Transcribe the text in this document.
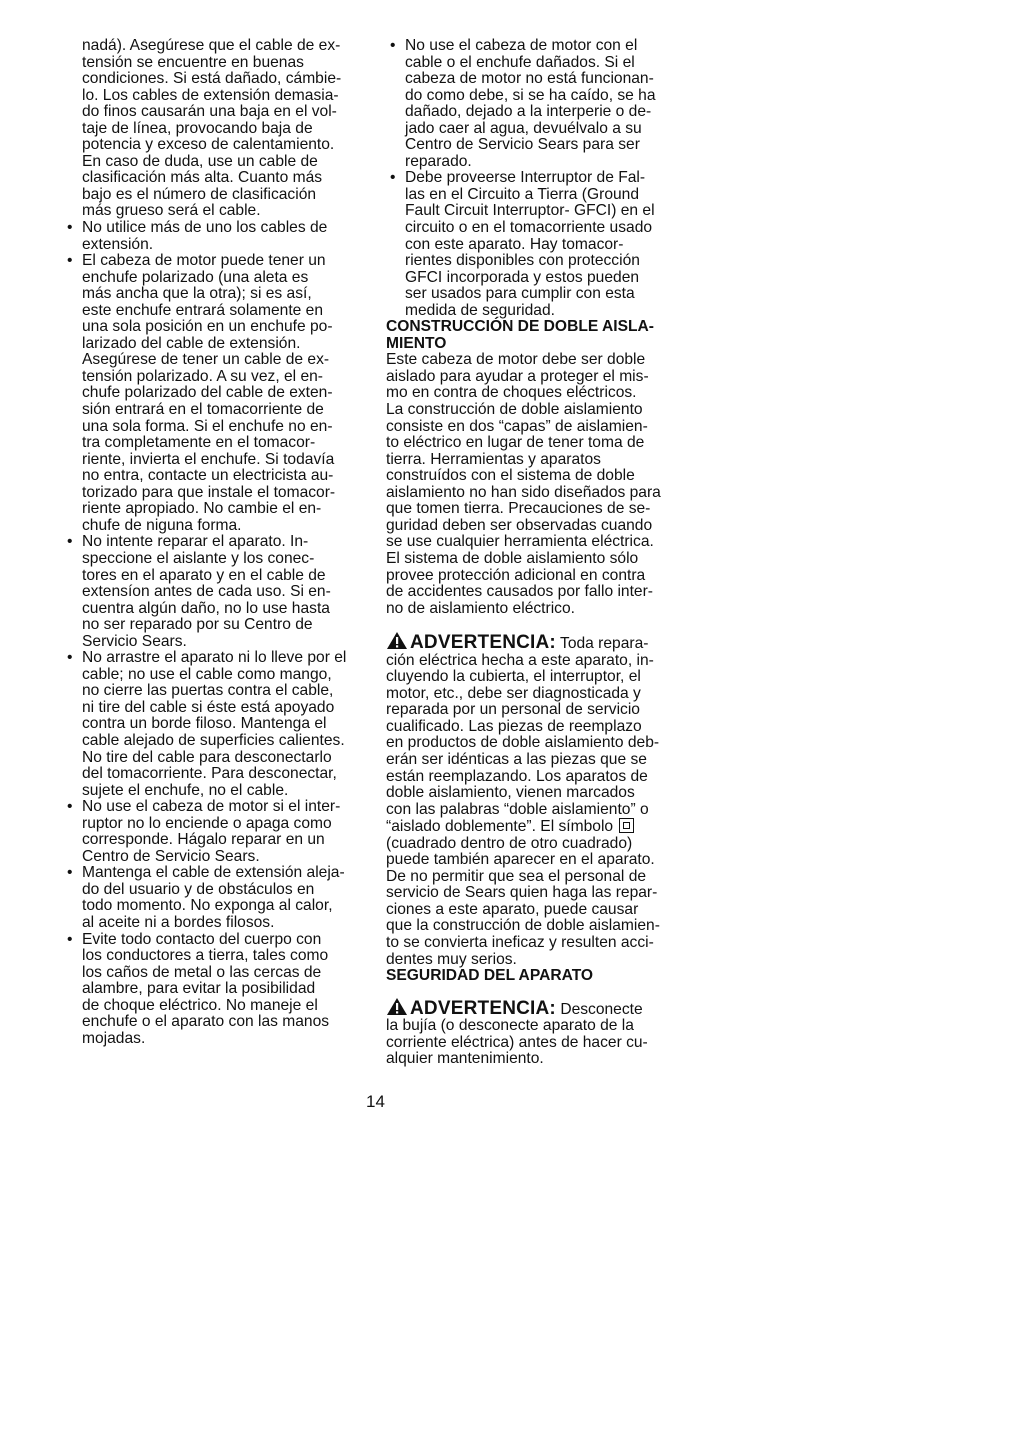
nadá). Asegúrese que el cable de ex-
tensión se encuentre en buenas
condiciones. Si está dañado, cámbie-
lo. Los cables de extensión demasia-
do finos causarán una baja en el vol-
taje de línea, provocando baja de
potencia y exceso de calentamiento.
En caso de duda, use un cable de
clasificación más alta. Cuanto más
bajo es el número de clasificación
más grueso será el cable.
• No utilice más de uno los cables de
extensión.
• El cabeza de motor puede tener un
enchufe polarizado (una aleta es
más ancha que la otra); si es así,
este enchufe entrará solamente en
una sola posición en un enchufe po-
larizado del cable de extensión.
Asegúrese de tener un cable de ex-
tensión polarizado. A su vez, el en-
chufe polarizado del cable de exten-
sión entrará en el tomacorriente de
una sola forma. Si el enchufe no en-
tra completamente en el tomacor-
riente, invierta el enchufe. Si todavía
no entra, contacte un electricista au-
torizado para que instale el tomacor-
riente apropiado. No cambie el en-
chufe de niguna forma.
• No intente reparar el aparato. In-
speccione el aislante y los conec-
tores en el aparato y en el cable de
extensíon antes de cada uso. Si en-
cuentra algún daño, no lo use hasta
no ser reparado por su Centro de
Servicio Sears.
• No arrastre el aparato ni lo lleve por el
cable; no use el cable como mango,
no cierre las puertas contra el cable,
ni tire del cable si éste está apoyado
contra un borde filoso. Mantenga el
cable alejado de superficies calientes.
No tire del cable para desconectarlo
del tomacorriente. Para desconectar,
sujete el enchufe, no el cable.
• No use el cabeza de motor si el inter-
ruptor no lo enciende o apaga como
corresponde. Hágalo reparar en un
Centro de Servicio Sears.
• Mantenga el cable de extensión aleja-
do del usuario y de obstáculos en
todo momento. No exponga al calor,
al aceite ni a bordes filosos.
• Evite todo contacto del cuerpo con
los conductores a tierra, tales como
los caños de metal o las cercas de
alambre, para evitar la posibilidad
de choque eléctrico. No maneje el
enchufe o el aparato con las manos
mojadas.
• No use el cabeza de motor con el
cable o el enchufe dañados. Si el
cabeza de motor no está funcionan-
do como debe, si se ha caído, se ha
dañado, dejado a la interperie o de-
jado caer al agua, devuélvalo a su
Centro de Servicio Sears para ser
reparado.
• Debe proveerse Interruptor de Fal-
las en el Circuito a Tierra (Ground
Fault Circuit Interruptor- GFCI) en el
circuito o en el tomacorriente usado
con este aparato. Hay tomacor-
rientes disponibles con protección
GFCI incorporada y estos pueden
ser usados para cumplir con esta
medida de seguridad.
CONSTRUCCIÓN DE DOBLE AISLA-
MIENTO
Este cabeza de motor debe ser doble
aislado para ayudar a proteger el mis-
mo en contra de choques eléctricos.
La construcción de doble aislamiento
consiste en dos “capas” de aislamien-
to eléctrico en lugar de tener toma de
tierra. Herramientas y aparatos
construídos con el sistema de doble
aislamiento no han sido diseñados para
que tomen tierra. Precauciones de se-
guridad deben ser observadas cuando
se use cualquier herramienta eléctrica.
El sistema de doble aislamiento sólo
provee protección adicional en contra
de accidentes causados por fallo inter-
no de aislamiento eléctrico.
ADVERTENCIA: Toda repara-
ción eléctrica hecha a este aparato, in-
cluyendo la cubierta, el interruptor, el
motor, etc., debe ser diagnosticada y
reparada por un personal de servicio
cualificado. Las piezas de reemplazo
en productos de doble aislamiento deb-
erán ser idénticas a las piezas que se
están reemplazando. Los aparatos de
doble aislamiento, vienen marcados
con las palabras “doble aislamiento” o
“aislado doblemente”. El símbolo
(cuadrado dentro de otro cuadrado)
puede también aparecer en el aparato.
De no permitir que sea el personal de
servicio de Sears quien haga las repar-
ciones a este aparato, puede causar
que la construcción de doble aislamien-
to se convierta ineficaz y resulten acci-
dentes muy serios.
SEGURIDAD DEL APARATO
ADVERTENCIA: Desconecte
la bujía (o desconecte aparato de la
corriente eléctrica) antes de hacer cu-
alquier mantenimiento.
14
